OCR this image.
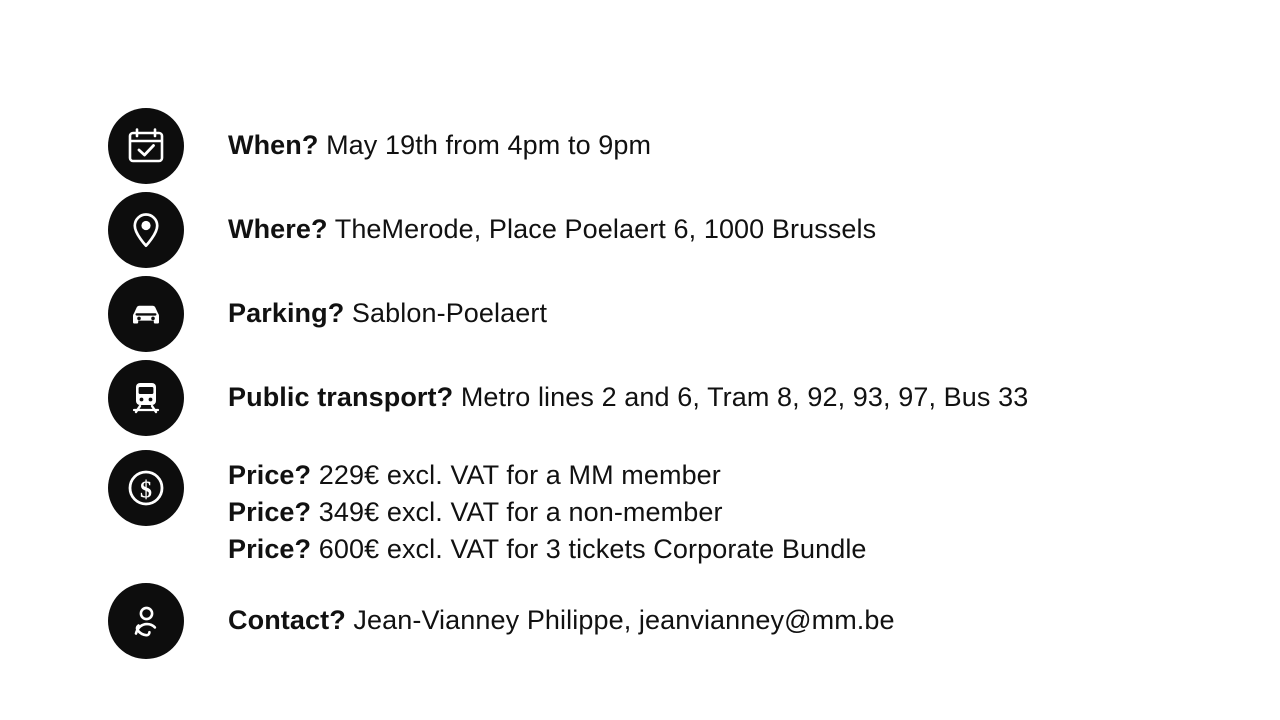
When? May 19th from 4pm to 9pm
Where? TheMerode, Place Poelaert 6, 1000 Brussels
Parking? Sablon-Poelaert
Public transport? Metro lines 2 and 6, Tram 8, 92, 93, 97, Bus 33
$
Price? 229€ excl. VAT for a MM member
Price? 349€ excl. VAT for a non-member
Price? 600€ excl. VAT for 3 tickets Corporate Bundle
Contact? Jean-Vianney Philippe, jeanvianney@mm.be
